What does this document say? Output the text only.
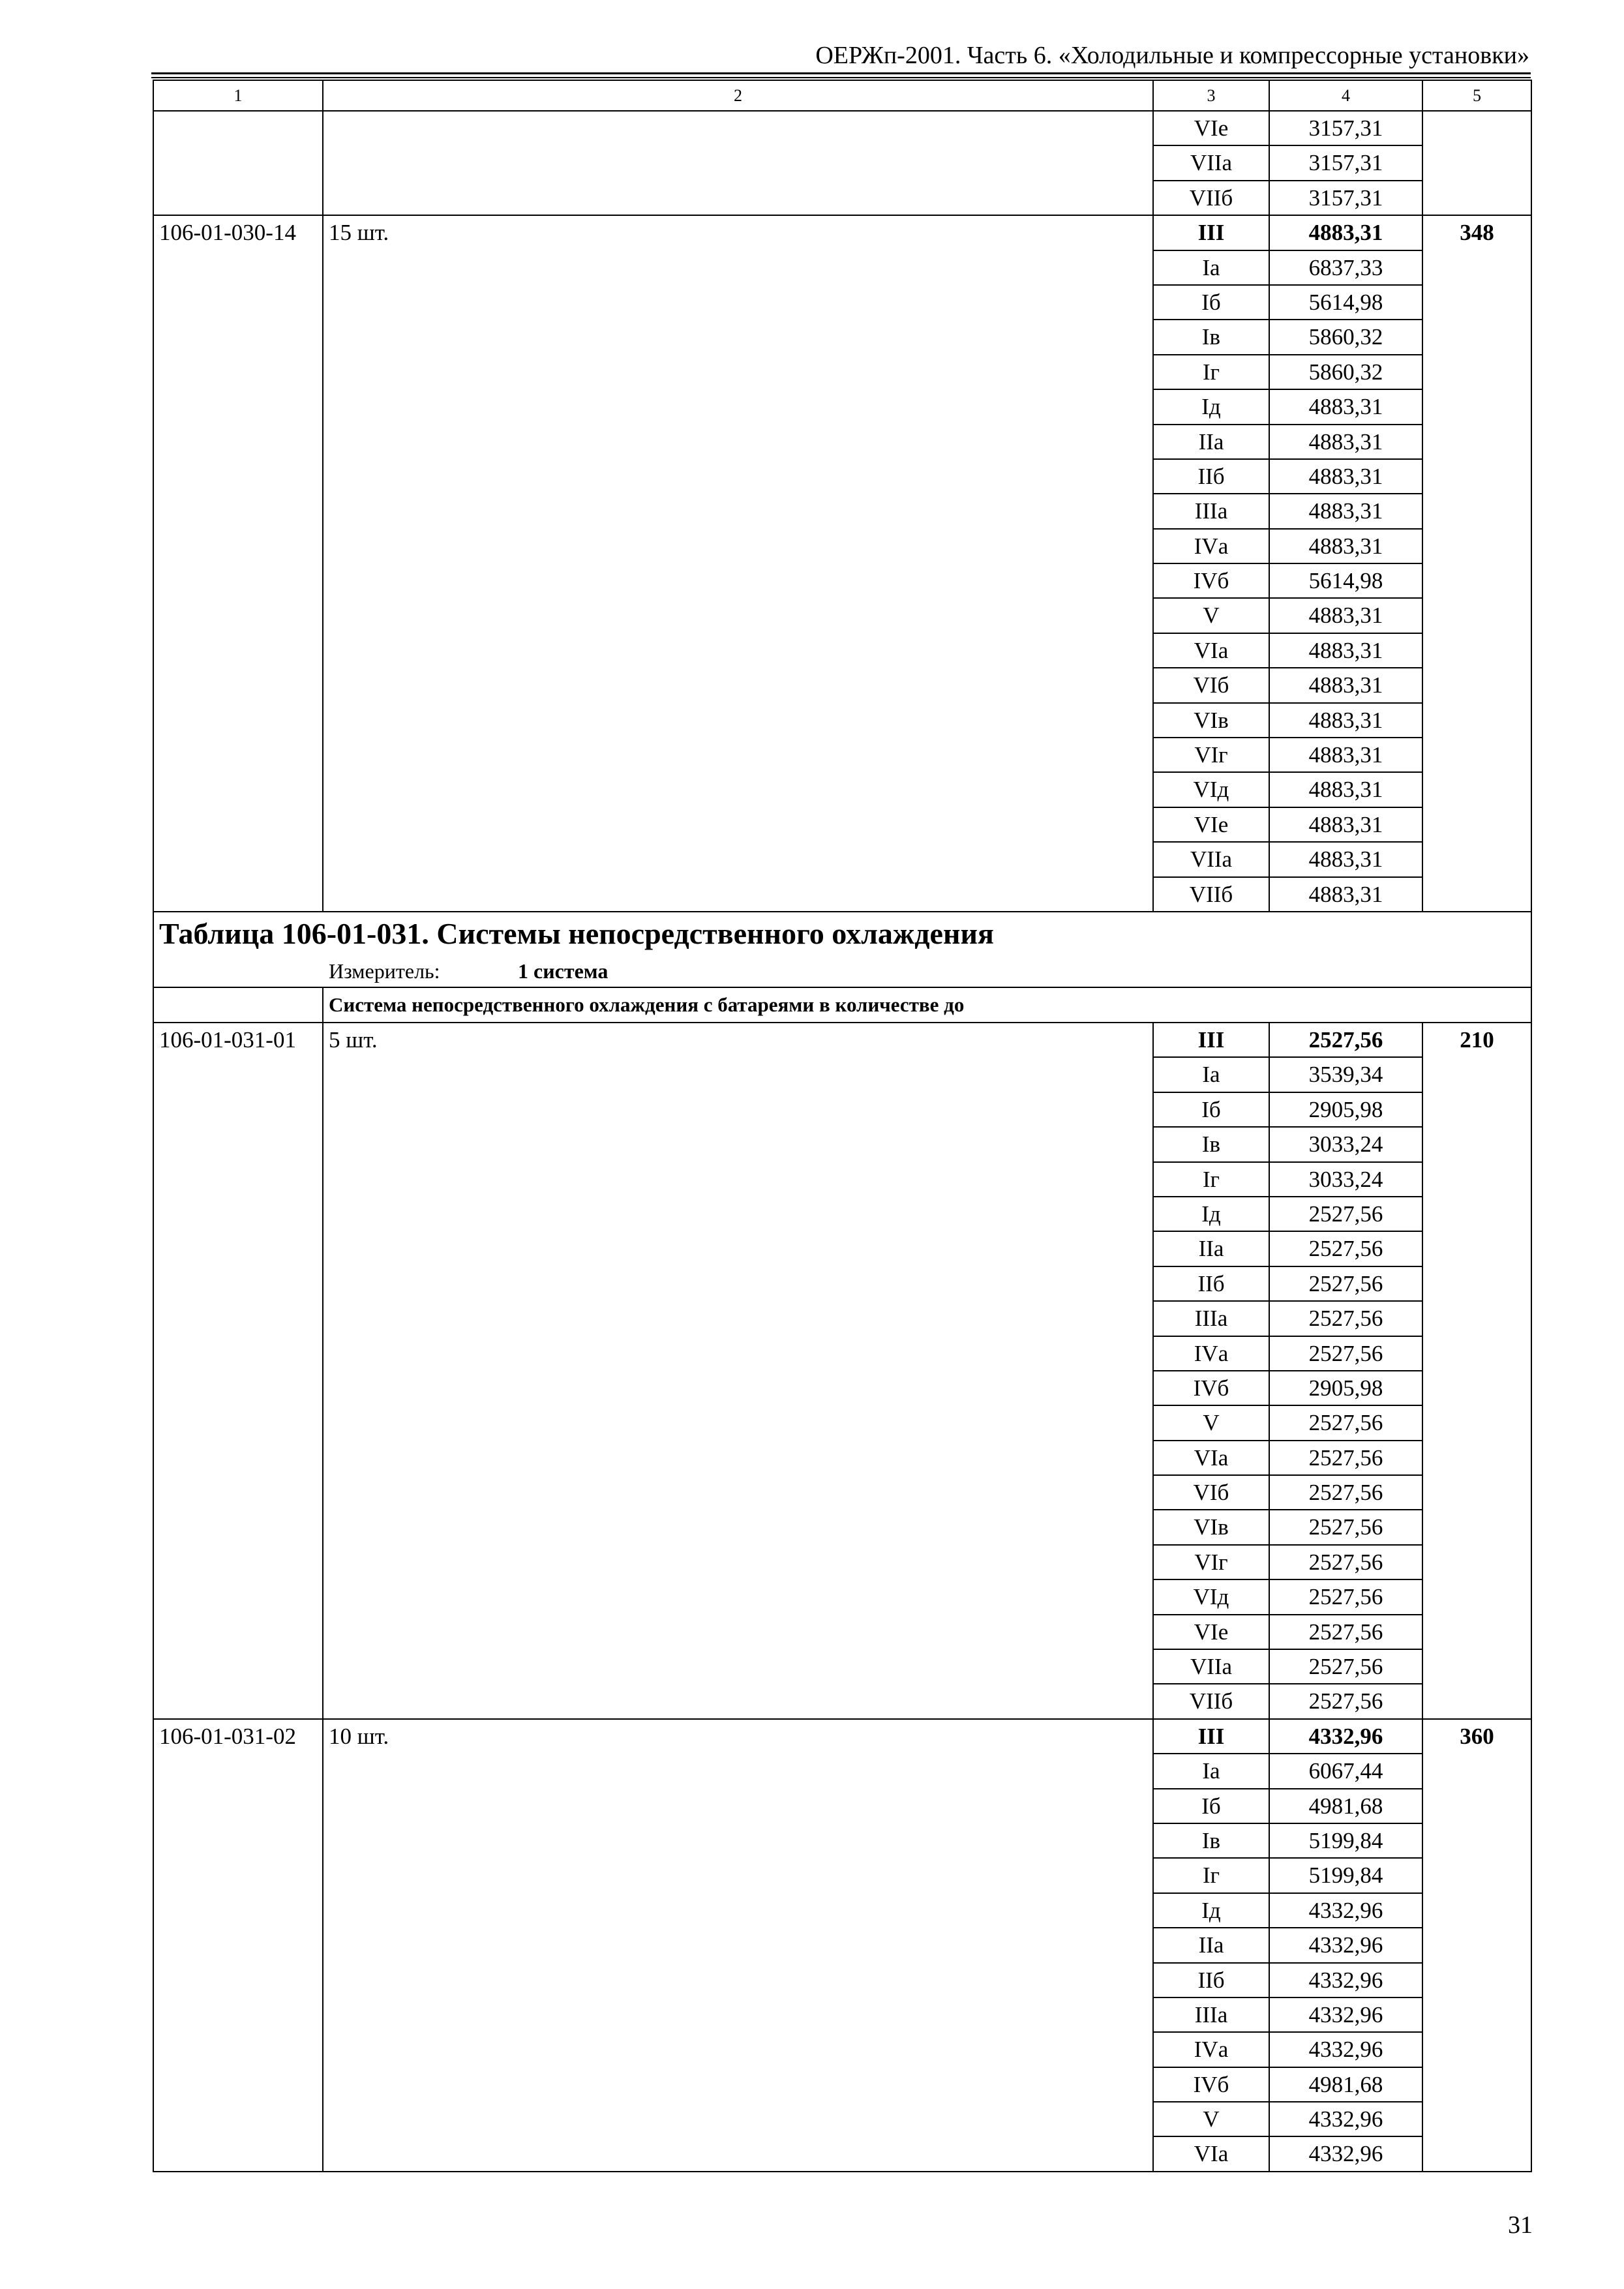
ОЕРЖп-2001. Часть 6. «Холодильные и компрессорные установки»
1	2	3	4	5
		VIе	3157,31	
		VIIа	3157,31	
		VIIб	3157,31	
106-01-030-14	15 шт.	III	4883,31	348
		Iа	6837,33	
		Iб	5614,98	
		Iв	5860,32	
		Iг	5860,32	
		Iд	4883,31	
		IIа	4883,31	
		IIб	4883,31	
		IIIа	4883,31	
		IVа	4883,31	
		IVб	5614,98	
		V	4883,31	
		VIа	4883,31	
		VIб	4883,31	
		VIв	4883,31	
		VIг	4883,31	
		VIд	4883,31	
		VIе	4883,31	
		VIIа	4883,31	
		VIIб	4883,31	
Таблица 106-01-031. Системы непосредственного охлаждения				
Измеритель: 1 система				
	Система непосредственного охлаждения с батареями в количестве до			
106-01-031-01	5 шт.	III	2527,56	210
		Iа	3539,34	
		Iб	2905,98	
		Iв	3033,24	
		Iг	3033,24	
		Iд	2527,56	
		IIа	2527,56	
		IIб	2527,56	
		IIIа	2527,56	
		IVа	2527,56	
		IVб	2905,98	
		V	2527,56	
		VIа	2527,56	
		VIб	2527,56	
		VIв	2527,56	
		VIг	2527,56	
		VIд	2527,56	
		VIе	2527,56	
		VIIа	2527,56	
		VIIб	2527,56	
106-01-031-02	10 шт.	III	4332,96	360
		Iа	6067,44	
		Iб	4981,68	
		Iв	5199,84	
		Iг	5199,84	
		Iд	4332,96	
		IIа	4332,96	
		IIб	4332,96	
		IIIа	4332,96	
		IVа	4332,96	
		IVб	4981,68	
		V	4332,96	
		VIа	4332,96	
31
